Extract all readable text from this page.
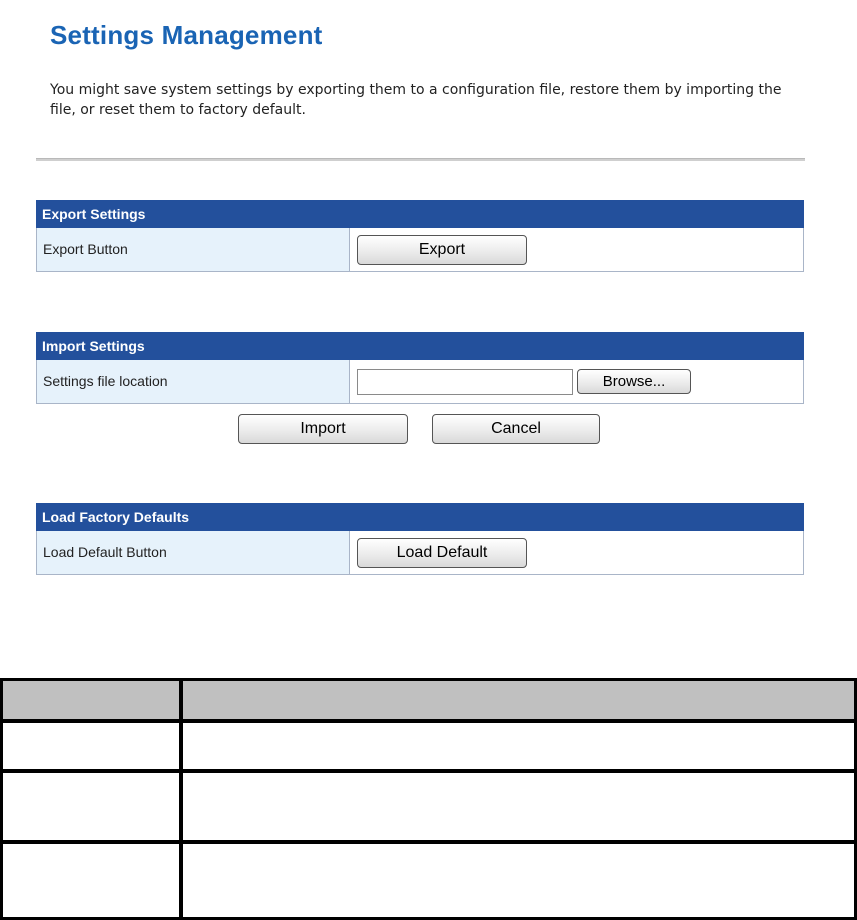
Settings Management
You might save system settings by exporting them to a configuration file, restore them by importing the file, or reset them to factory default.
Export Settings
Export Button	Export
Import Settings
Settings file location	Browse...
Import	Cancel
Load Factory Defaults
Load Default Button	Load Default
